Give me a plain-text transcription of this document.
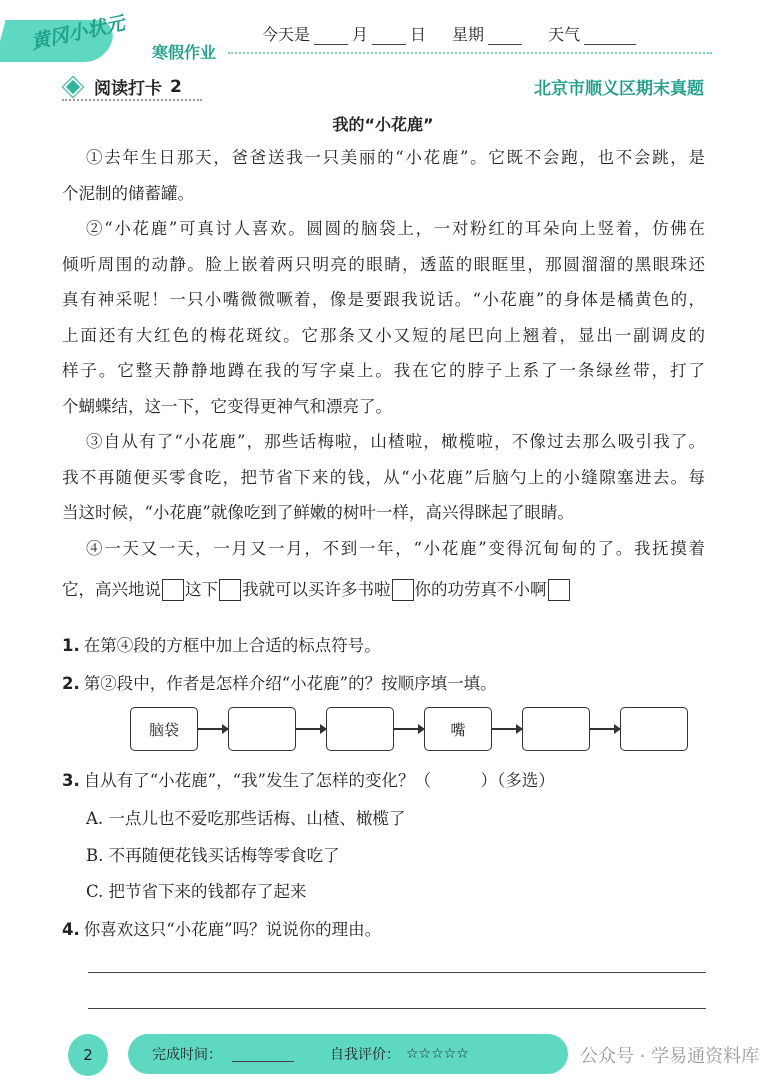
黄冈小状元 寒假作业
今天是	月	日 星期	天气
阅读打卡 2	北京市顺义区期末真题
我的“小花鹿”
①去年生日那天，爸爸送我一只美丽的“小花鹿”。它既不会跑，也不会跳，是
个泥制的储蓄罐。
②“小花鹿”可真讨人喜欢。圆圆的脑袋上，一对粉红的耳朵向上竖着，仿佛在
倾听周围的动静。脸上嵌着两只明亮的眼睛，透蓝的眼眶里，那圆溜溜的黑眼珠还
真有神采呢！一只小嘴微微噘着，像是要跟我说话。“小花鹿”的身体是橘黄色的，
上面还有大红色的梅花斑纹。它那条又小又短的尾巴向上翘着，显出一副调皮的
样子。它整天静静地蹲在我的写字桌上。我在它的脖子上系了一条绿丝带，打了
个蝴蝶结，这一下，它变得更神气和漂亮了。
③自从有了“小花鹿”，那些话梅啦，山楂啦，橄榄啦，不像过去那么吸引我了。
我不再随便买零食吃，把节省下来的钱，从“小花鹿”后脑勺上的小缝隙塞进去。每
当这时候，“小花鹿”就像吃到了鲜嫩的树叶一样，高兴得眯起了眼睛。
④一天又一天，一月又一月，不到一年，“小花鹿”变得沉甸甸的了。我抚摸着
它，高兴地说 这下 我就可以买许多书啦 你的功劳真不小啊
1. 在第④段的方框中加上合适的标点符号。
2. 第②段中，作者是怎样介绍“小花鹿”的？按顺序填一填。
脑袋	嘴
3. 自从有了“小花鹿”，“我”发生了怎样的变化？（　　　）（多选）
A. 一点儿也不爱吃那些话梅、山楂、橄榄了
B. 不再随便花钱买话梅等零食吃了
C. 把节省下来的钱都存了起来
4. 你喜欢这只“小花鹿”吗？说说你的理由。
2	完成时间：	自我评价： ☆☆☆☆☆	公众号 · 学易通资料库
